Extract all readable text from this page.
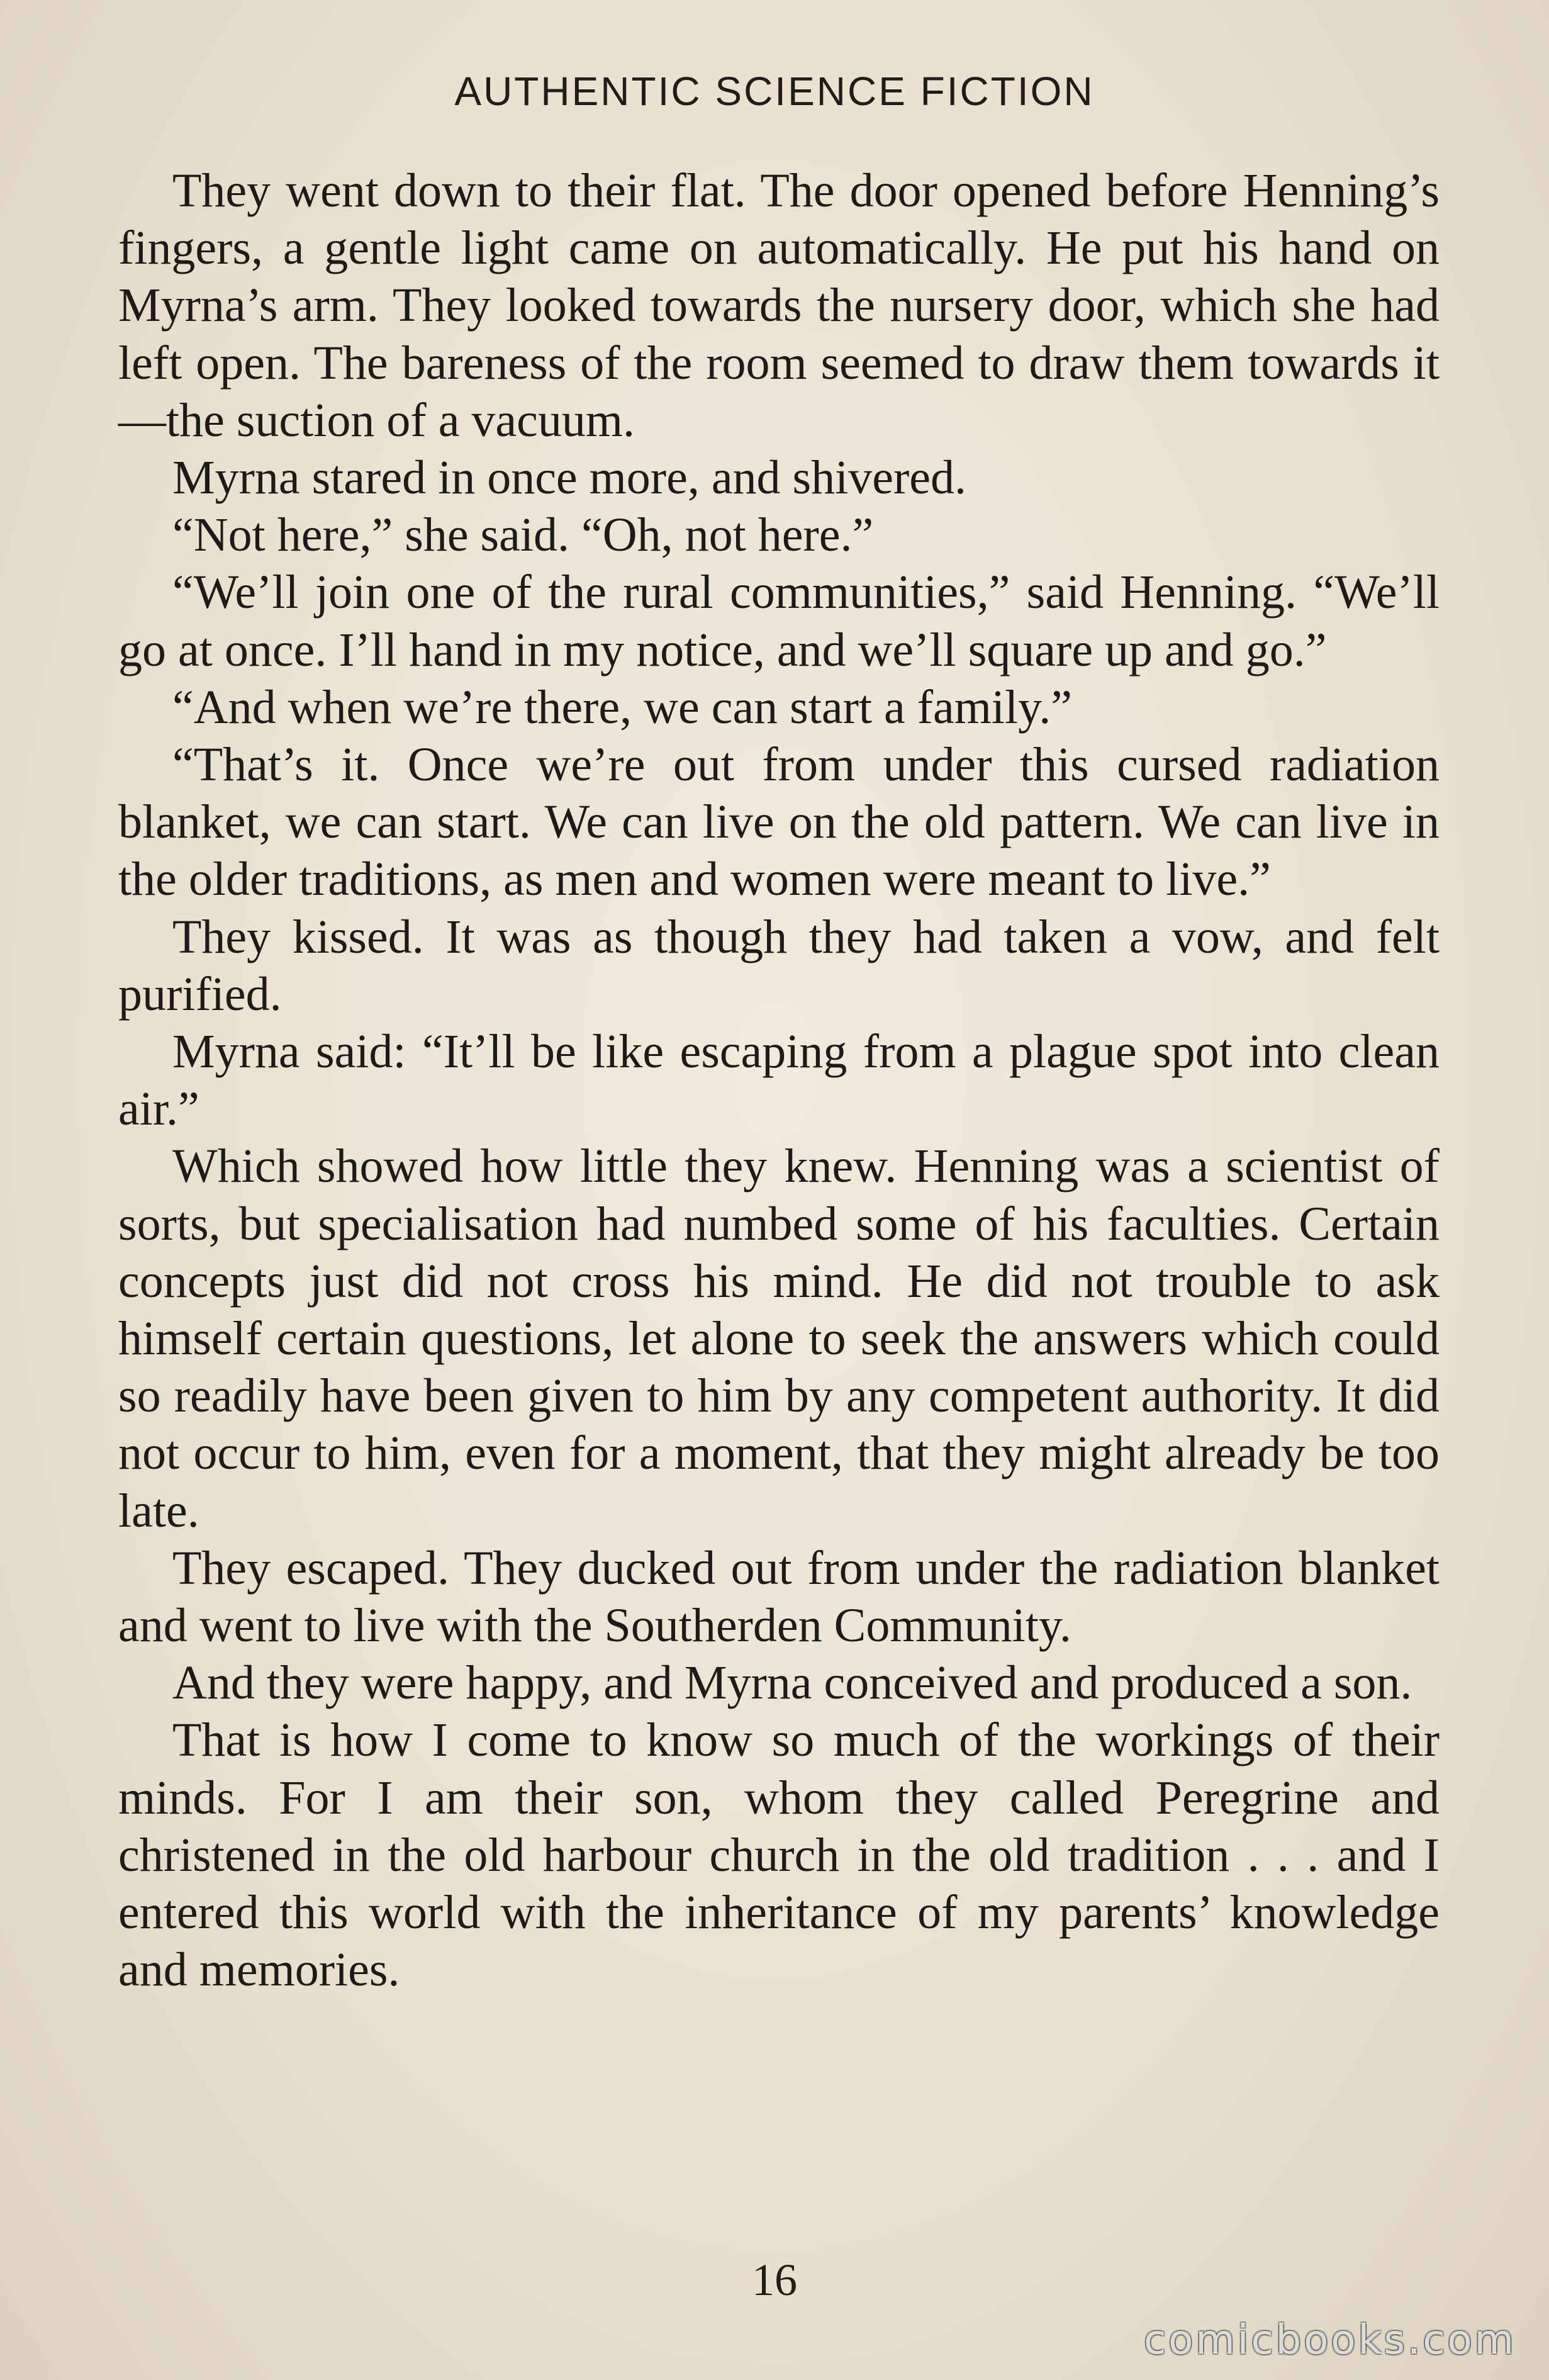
AUTHENTIC SCIENCE FICTION

They went down to their flat. The door opened before Henning’s fingers, a gentle light came on automatically. He put his hand on Myrna’s arm. They looked towards the nursery door, which she had left open. The bareness of the room seemed to draw them towards it—the suction of a vacuum.

Myrna stared in once more, and shivered.

“Not here,” she said. “Oh, not here.”

“We’ll join one of the rural communities,” said Henning. “We’ll go at once. I’ll hand in my notice, and we’ll square up and go.”

“And when we’re there, we can start a family.”

“That’s it. Once we’re out from under this cursed radiation blanket, we can start. We can live on the old pattern. We can live in the older traditions, as men and women were meant to live.”

They kissed. It was as though they had taken a vow, and felt purified.

Myrna said: “It’ll be like escaping from a plague spot into clean air.”

Which showed how little they knew. Henning was a scientist of sorts, but specialisation had numbed some of his faculties. Certain concepts just did not cross his mind. He did not trouble to ask himself certain questions, let alone to seek the answers which could so readily have been given to him by any competent authority. It did not occur to him, even for a moment, that they might already be too late.

They escaped. They ducked out from under the radiation blanket and went to live with the Southerden Community.

And they were happy, and Myrna conceived and produced a son.

That is how I come to know so much of the workings of their minds. For I am their son, whom they called Peregrine and christened in the old harbour church in the old tradition . . . and I entered this world with the inheritance of my parents’ knowledge and memories.

16
comicbooks.com
